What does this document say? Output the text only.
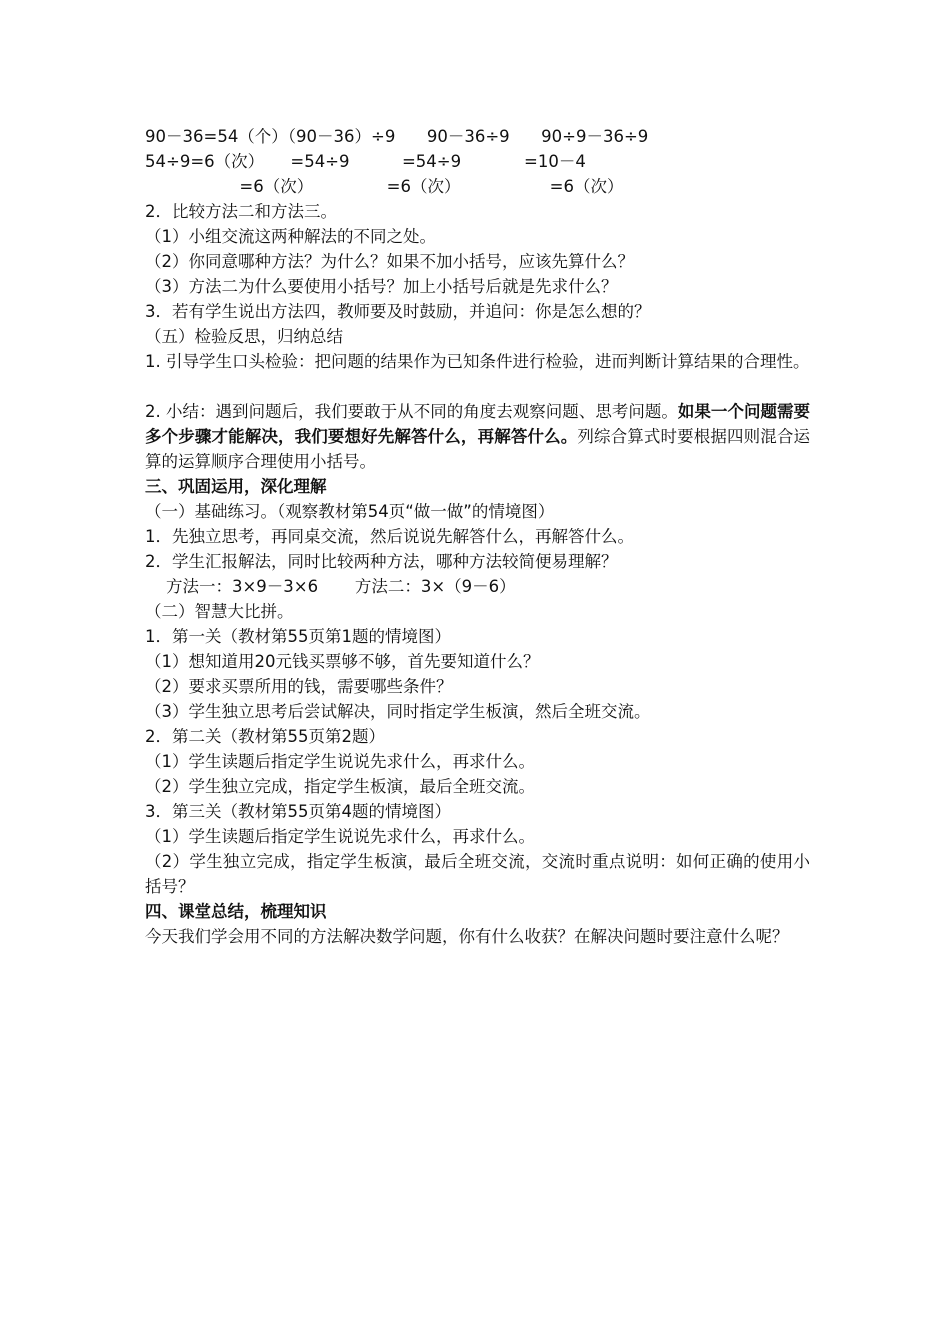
90－36=54（个）（90－36）÷9      90－36÷9      90÷9－36÷9

54÷9=6（次）     =54÷9          =54÷9            =10－4

=6（次）              =6（次）                 =6（次）

2．比较方法二和方法三。

（1）小组交流这两种解法的不同之处。

（2）你同意哪种方法？为什么？如果不加小括号，应该先算什么？

（3）方法二为什么要使用小括号？加上小括号后就是先求什么？

3．若有学生说出方法四，教师要及时鼓励，并追问：你是怎么想的？

（五）检验反思，归纳总结

1. 引导学生口头检验：把问题的结果作为已知条件进行检验，进而判断计算结果的合理性。

2. 小结：遇到问题后，我们要敢于从不同的角度去观察问题、思考问题。如果一个问题需要多个步骤才能解决，我们要想好先解答什么，再解答什么。列综合算式时要根据四则混合运算的运算顺序合理使用小括号。

三、巩固运用，深化理解

（一）基础练习。（观察教材第54页“做一做”的情境图）

1．先独立思考，再同桌交流，然后说说先解答什么，再解答什么。

2．学生汇报解法，同时比较两种方法，哪种方法较简便易理解？

方法一：3×9－3×6       方法二：3×（9－6）

（二）智慧大比拼。

1．第一关（教材第55页第1题的情境图）

（1）想知道用20元钱买票够不够，首先要知道什么？

（2）要求买票所用的钱，需要哪些条件？

（3）学生独立思考后尝试解决，同时指定学生板演，然后全班交流。

2．第二关（教材第55页第2题）

（1）学生读题后指定学生说说先求什么，再求什么。

（2）学生独立完成，指定学生板演，最后全班交流。

3．第三关（教材第55页第4题的情境图）

（1）学生读题后指定学生说说先求什么，再求什么。

（2）学生独立完成，指定学生板演，最后全班交流，交流时重点说明：如何正确的使用小括号？

四、课堂总结，梳理知识

今天我们学会用不同的方法解决数学问题，你有什么收获？在解决问题时要注意什么呢？
